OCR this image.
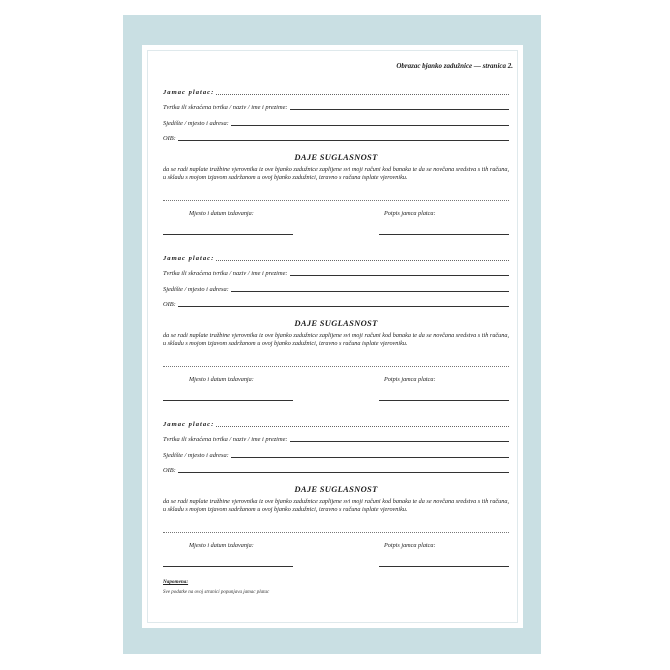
Obrazac bjanko zadužnice — stranica 2.
Jamac platac:
Tvrtka ili skraćena tvrtka / naziv / ime i prezime:
Sjedište / mjesto i adresa:
OIB:
DAJE SUGLASNOST
da se radi naplate tražbine vjerovnika iz ove bjanko zadužnice zaplijene svi moji računi kod banaka te da se novčana sredstva s tih računa, u skladu s mojom izjavom sadržanom u ovoj bjanko zadužnici, izravno s računa isplate vjerovniku.
Mjesto i datum izdavanja:	Potpis jamca platca:
Jamac platac:
Tvrtka ili skraćena tvrtka / naziv / ime i prezime:
Sjedište / mjesto i adresa:
OIB:
DAJE SUGLASNOST
da se radi naplate tražbine vjerovnika iz ove bjanko zadužnice zaplijene svi moji računi kod banaka te da se novčana sredstva s tih računa, u skladu s mojom izjavom sadržanom u ovoj bjanko zadužnici, izravno s računa isplate vjerovniku.
Mjesto i datum izdavanja:	Potpis jamca platca:
Jamac platac:
Tvrtka ili skraćena tvrtka / naziv / ime i prezime:
Sjedište / mjesto i adresa:
OIB:
DAJE SUGLASNOST
da se radi naplate tražbine vjerovnika iz ove bjanko zadužnice zaplijene svi moji računi kod banaka te da se novčana sredstva s tih računa, u skladu s mojom izjavom sadržanom u ovoj bjanko zadužnici, izravno s računa isplate vjerovniku.
Mjesto i datum izdavanja:	Potpis jamca platca:
Napomena:
Sve podatke na ovoj stranici popunjava jamac platac
